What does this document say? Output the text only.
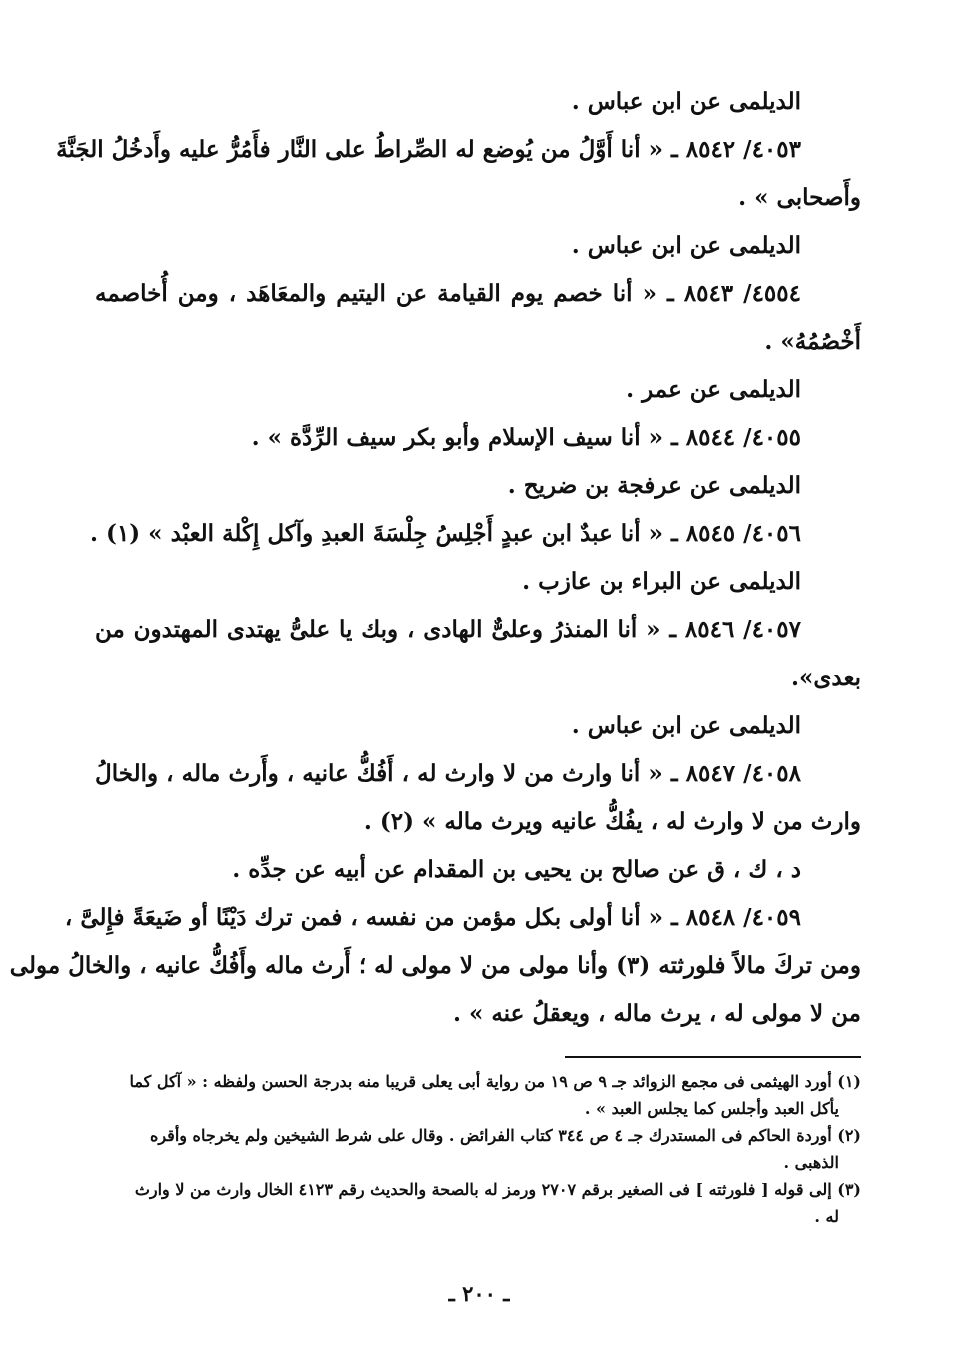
الديلمى عن ابن عباس .
٤٠٥٣/ ٨٥٤٢ ـ « أنا أَوَّلُ من يُوضع له الصِّراطُ على النَّار فأَمُرُّ عليه وأَدخُلُ الجَنَّةَ
وأَصحابى » .
الديلمى عن ابن عباس .
٤٥٥٤/ ٨٥٤٣ ـ « أنا خصم يوم القيامة عن اليتيم والمعَاهَد ، ومن أُخاصمه
أَخْصُمُهُ» .
الديلمى عن عمر .
٤٠٥٥/ ٨٥٤٤ ـ « أنا سيف الإسلام وأبو بكر سيف الرِّدَّة » .
الديلمى عن عرفجة بن ضريح .
٤٠٥٦/ ٨٥٤٥ ـ « أنا عبدٌ ابن عبدٍ أَجْلِسُ جِلْسَةَ العبدِ وآكل إِكْلة العبْد » (١) .
الديلمى عن البراء بن عازب .
٤٠٥٧/ ٨٥٤٦ ـ « أنا المنذرُ وعلىٌّ الهادى ، وبك يا علىُّ يهتدى المهتدون من
بعدى».
الديلمى عن ابن عباس .
٤٠٥٨/ ٨٥٤٧ ـ « أنا وارث من لا وارث له ، أَفُكُّ عانيه ، وأَرث ماله ، والخالُ
وارث من لا وارث له ، يفُكُّ عانيه ويرث ماله » (٢) .
د ، ك ، ق عن صالح بن يحيى بن المقدام عن أبيه عن جدِّه .
٤٠٥٩/ ٨٥٤٨ ـ « أنا أولى بكل مؤمن من نفسه ، فمن ترك دَيْنًا أو ضَيعَةً فإِلىَّ ،
ومن تركَ مالاً فلورثته (٣) وأنا مولى من لا مولى له ؛ أَرث ماله وأَفُكُّ عانيه ، والخالُ مولى
من لا مولى له ، يرث ماله ، ويعقلُ عنه » .
(١) أورد الهيثمى فى مجمع الزوائد جـ ٩ ص ١٩ من رواية أبى يعلى قريبا منه بدرجة الحسن ولفظه : « آكل كما
يأكل العبد وأجلس كما يجلس العبد » .
(٢) أوردة الحاكم فى المستدرك جـ ٤ ص ٣٤٤ كتاب الفرائض . وقال على شرط الشيخين ولم يخرجاه وأقره
الذهبى .
(٣) إلى قوله [ فلورثته ] فى الصغير برقم ٢٧٠٧ ورمز له بالصحة والحديث رقم ٤١٢٣ الخال وارث من لا وارث
له .
ـ ٢٠٠ ـ
